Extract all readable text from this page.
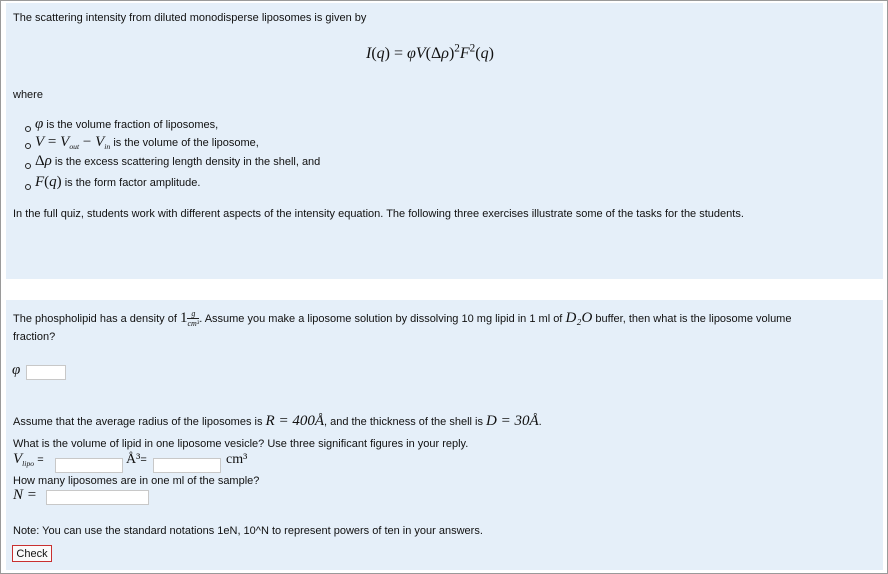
The scattering intensity from diluted monodisperse liposomes is given by
$I(q) = \varphi V(\Delta\rho)^2F^2(q)$
where
φ is the volume fraction of liposomes,
$V = V_{out} - V_{in}$ is the volume of the liposome,
Δρ is the excess scattering length density in the shell, and
F(q) is the form factor amplitude.
In the full quiz, students work with different aspects of the intensity equation. The following three exercises illustrate some of the tasks for the students.
The phospholipid has a density of $1 \frac{g}{\text{cm³}}$ . Assume you make a liposome solution by dissolving 10 mg lipid in 1 ml of D₂O buffer, then what is the liposome volume
fraction?
φ
Assume that the average radius of the liposomes is R = 400Å, and the thickness of the shell is D = 30Å.
What is the volume of lipid in one liposome vesicle? Use three significant figures in your reply.
$V_{lipo}$ =	Å³=	cm³
How many liposomes are in one ml of the sample?
N =
Note: You can use the standard notations 1eN, 10^N to represent powers of ten in your answers.
Check
